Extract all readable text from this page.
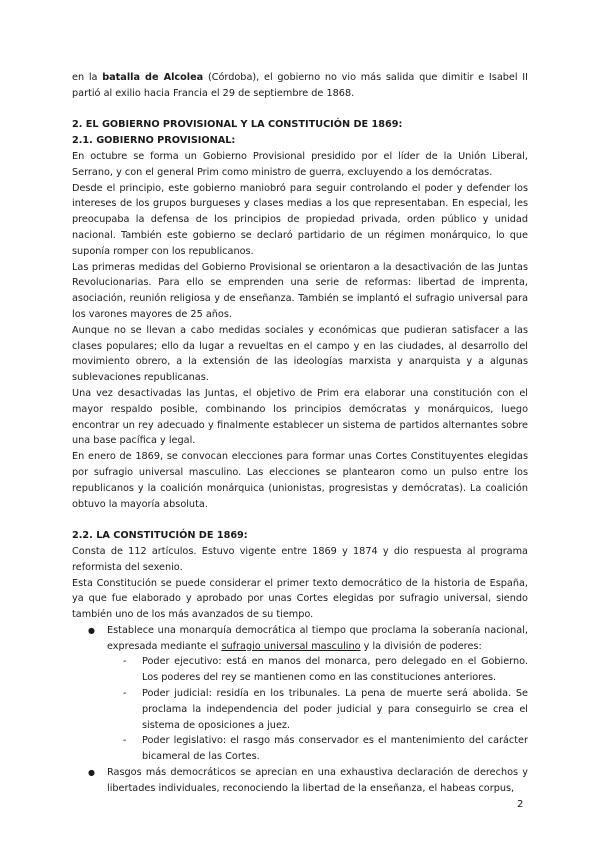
en la batalla de Alcolea (Córdoba), el gobierno no vio más salida que dimitir e Isabel II partió al exilio hacia Francia el 29 de septiembre de 1868.

2. EL GOBIERNO PROVISIONAL Y LA CONSTITUCIÓN DE 1869:
2.1. GOBIERNO PROVISIONAL:

En octubre se forma un Gobierno Provisional presidido por el líder de la Unión Liberal, Serrano, y con el general Prim como ministro de guerra, excluyendo a los demócratas.

Desde el principio, este gobierno maniobró para seguir controlando el poder y defender los intereses de los grupos burgueses y clases medias a los que representaban. En especial, les preocupaba la defensa de los principios de propiedad privada, orden público y unidad nacional. También este gobierno se declaró partidario de un régimen monárquico, lo que suponía romper con los republicanos.

Las primeras medidas del Gobierno Provisional se orientaron a la desactivación de las Juntas Revolucionarias. Para ello se emprenden una serie de reformas: libertad de imprenta, asociación, reunión religiosa y de enseñanza. También se implantó el sufragio universal para los varones mayores de 25 años.

Aunque no se llevan a cabo medidas sociales y económicas que pudieran satisfacer a las clases populares; ello da lugar a revueltas en el campo y en las ciudades, al desarrollo del movimiento obrero, a la extensión de las ideologías marxista y anarquista y a algunas sublevaciones republicanas.

Una vez desactivadas las Juntas, el objetivo de Prim era elaborar una constitución con el mayor respaldo posible, combinando los principios demócratas y monárquicos, luego encontrar un rey adecuado y finalmente establecer un sistema de partidos alternantes sobre una base pacífica y legal.

En enero de 1869, se convocan elecciones para formar unas Cortes Constituyentes elegidas por sufragio universal masculino. Las elecciones se plantearon como un pulso entre los republicanos y la coalición monárquica (unionistas, progresistas y demócratas). La coalición obtuvo la mayoría absoluta.

2.2. LA CONSTITUCIÓN DE 1869:

Consta de 112 artículos. Estuvo vigente entre 1869 y 1874 y dio respuesta al programa reformista del sexenio.

Esta Constitución se puede considerar el primer texto democrático de la historia de España, ya que fue elaborado y aprobado por unas Cortes elegidas por sufragio universal, siendo también uno de los más avanzados de su tiempo.

● Establece una monarquía democrática al tiempo que proclama la soberanía nacional, expresada mediante el sufragio universal masculino y la división de poderes:
- Poder ejecutivo: está en manos del monarca, pero delegado en el Gobierno. Los poderes del rey se mantienen como en las constituciones anteriores.
- Poder judicial: residía en los tribunales. La pena de muerte será abolida. Se proclama la independencia del poder judicial y para conseguirlo se crea el sistema de oposiciones a juez.
- Poder legislativo: el rasgo más conservador es el mantenimiento del carácter bicameral de las Cortes.
● Rasgos más democráticos se aprecian en una exhaustiva declaración de derechos y libertades individuales, reconociendo la libertad de la enseñanza, el habeas corpus,
2
